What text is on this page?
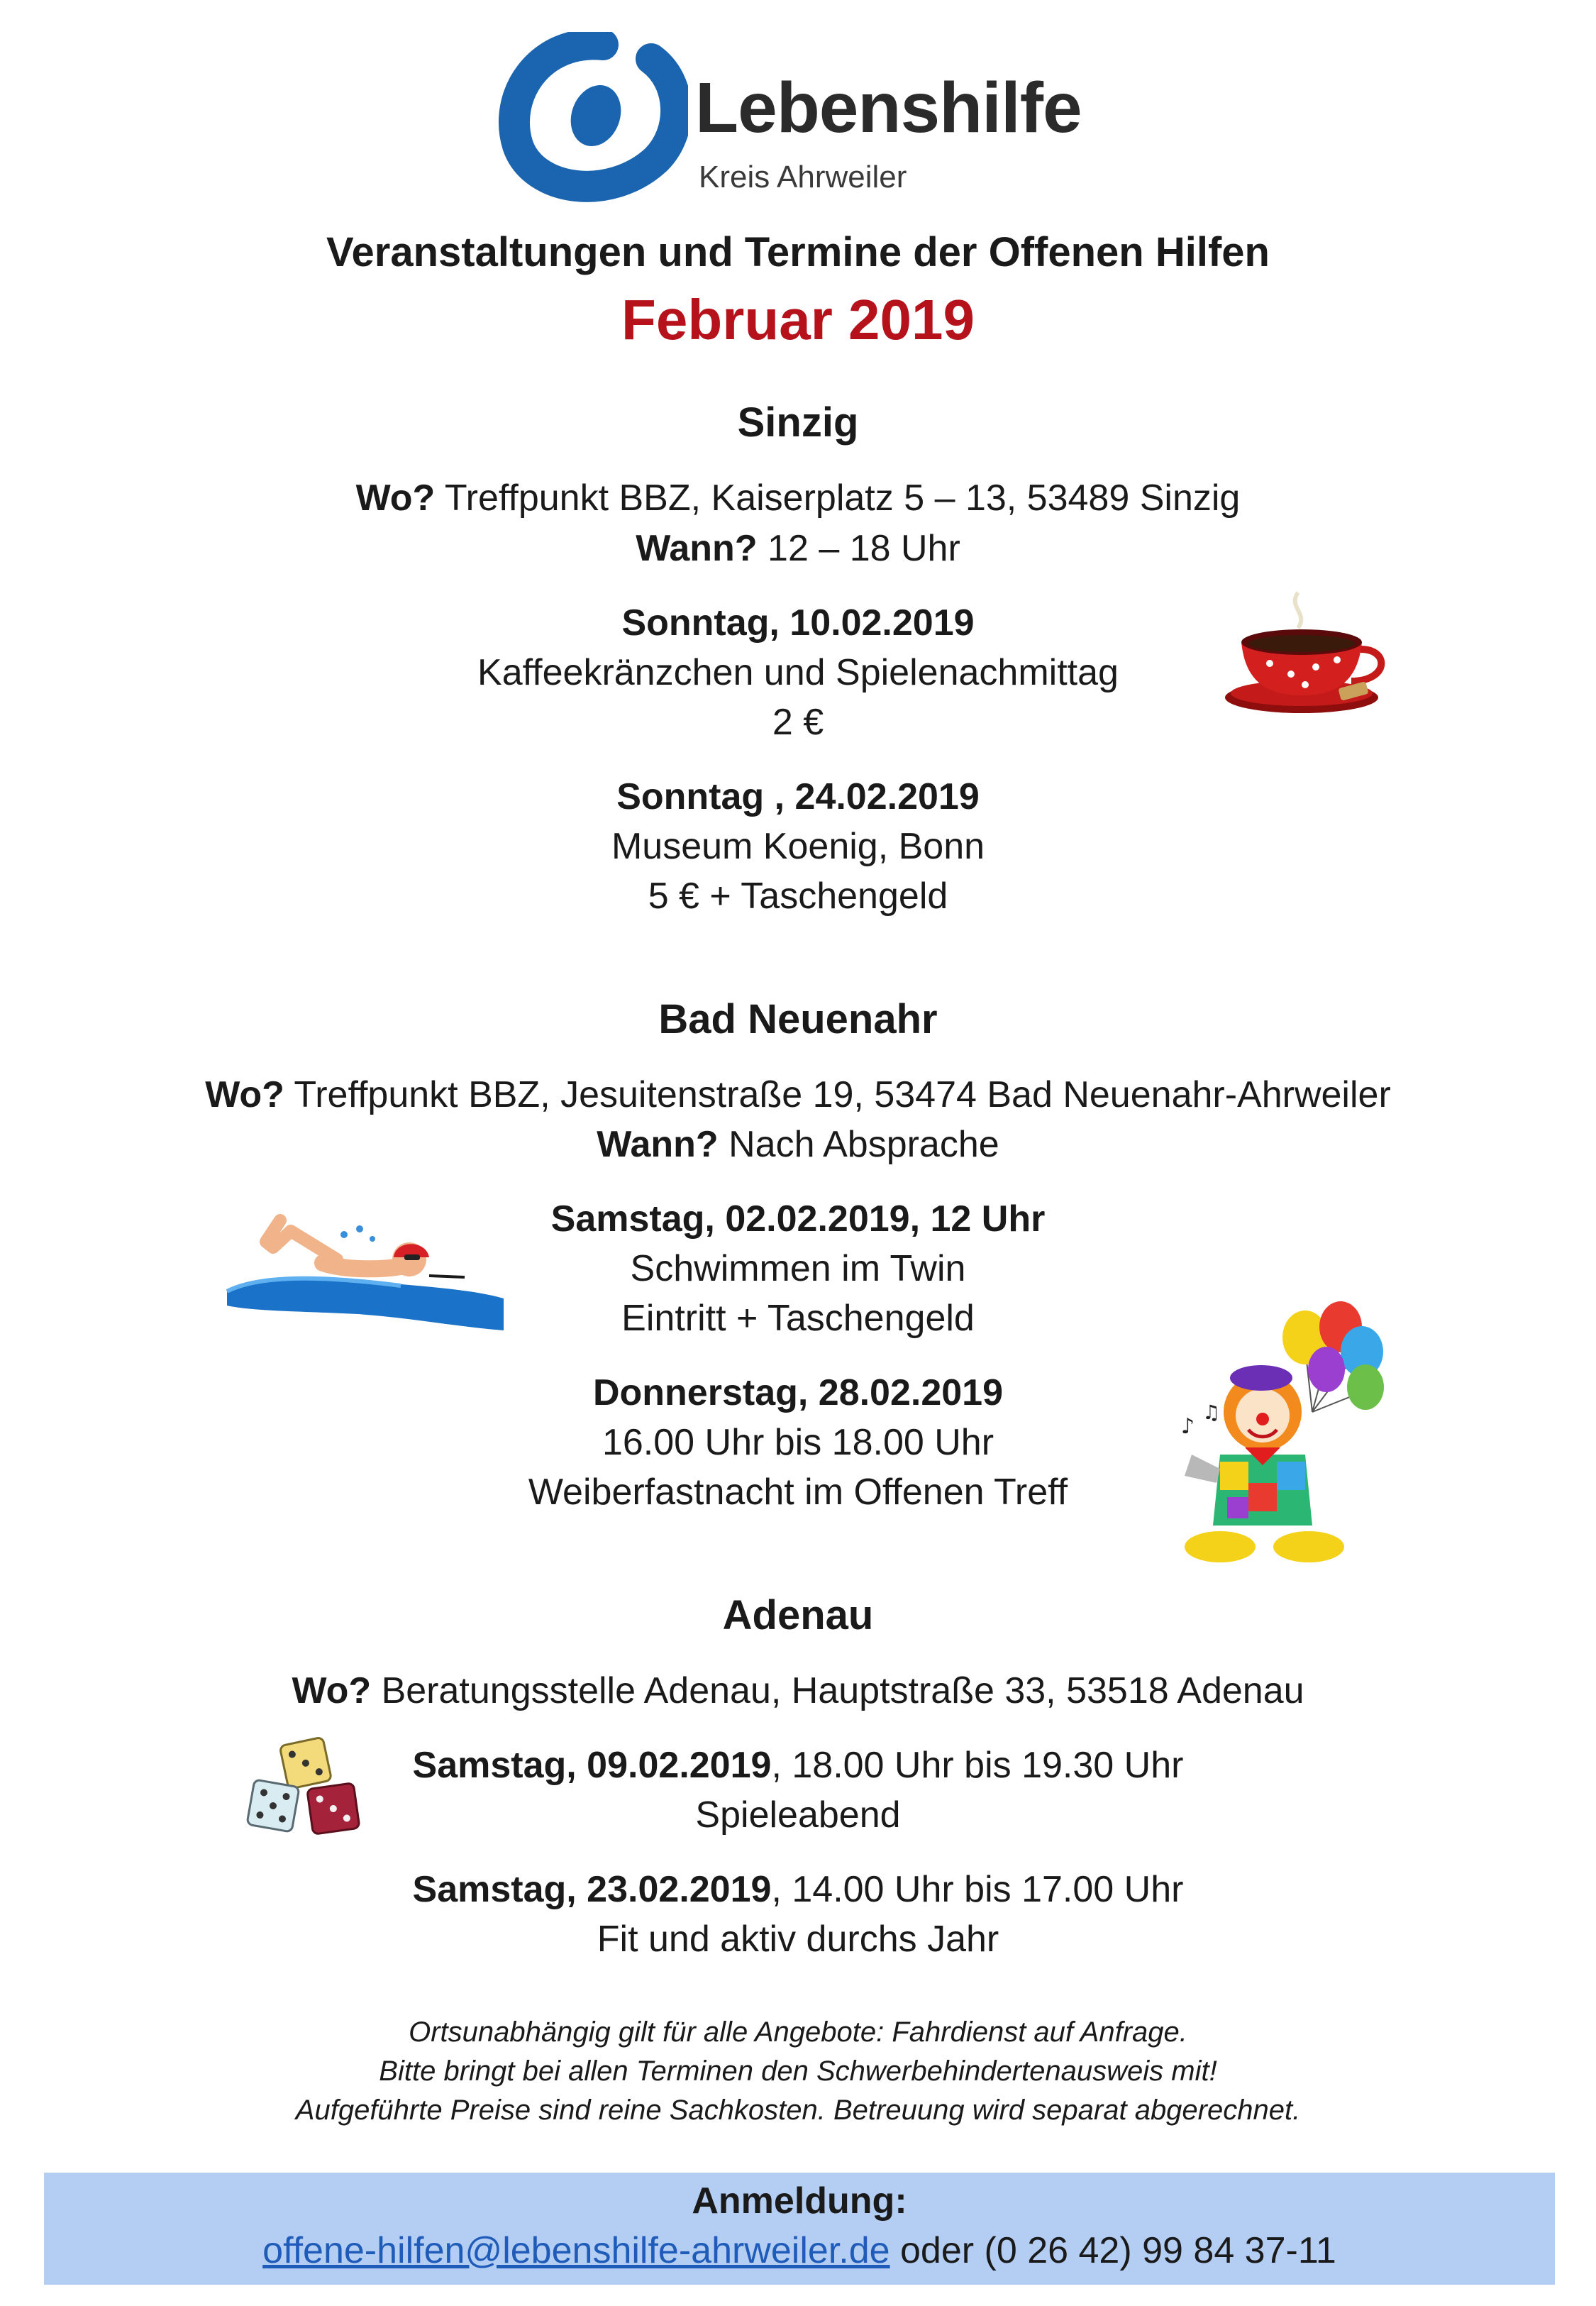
Lebenshilfe
Kreis Ahrweiler
Veranstaltungen und Termine der Offenen Hilfen
Februar 2019
Sinzig
Wo? Treffpunkt BBZ, Kaiserplatz 5 – 13, 53489 Sinzig
Wann? 12 – 18 Uhr
Sonntag, 10.02.2019
Kaffeekränzchen und Spielenachmittag
2 €
Sonntag , 24.02.2019
Museum Koenig, Bonn
5 € + Taschengeld
Bad Neuenahr
Wo? Treffpunkt BBZ, Jesuitenstraße 19, 53474 Bad Neuenahr-Ahrweiler
Wann? Nach Absprache
Samstag, 02.02.2019, 12 Uhr
Schwimmen im Twin
Eintritt + Taschengeld
Donnerstag, 28.02.2019
16.00 Uhr bis 18.00 Uhr
Weiberfastnacht im Offenen Treff
♪
♫
Adenau
Wo? Beratungsstelle Adenau, Hauptstraße 33, 53518 Adenau
Samstag, 09.02.2019, 18.00 Uhr bis 19.30 Uhr
Spieleabend
Samstag, 23.02.2019, 14.00 Uhr bis 17.00 Uhr
Fit und aktiv durchs Jahr
Ortsunabhängig gilt für alle Angebote: Fahrdienst auf Anfrage.
Bitte bringt bei allen Terminen den Schwerbehindertenausweis mit!
Aufgeführte Preise sind reine Sachkosten. Betreuung wird separat abgerechnet.
Anmeldung:
offene-hilfen@lebenshilfe-ahrweiler.de oder (0 26 42) 99 84 37-11
